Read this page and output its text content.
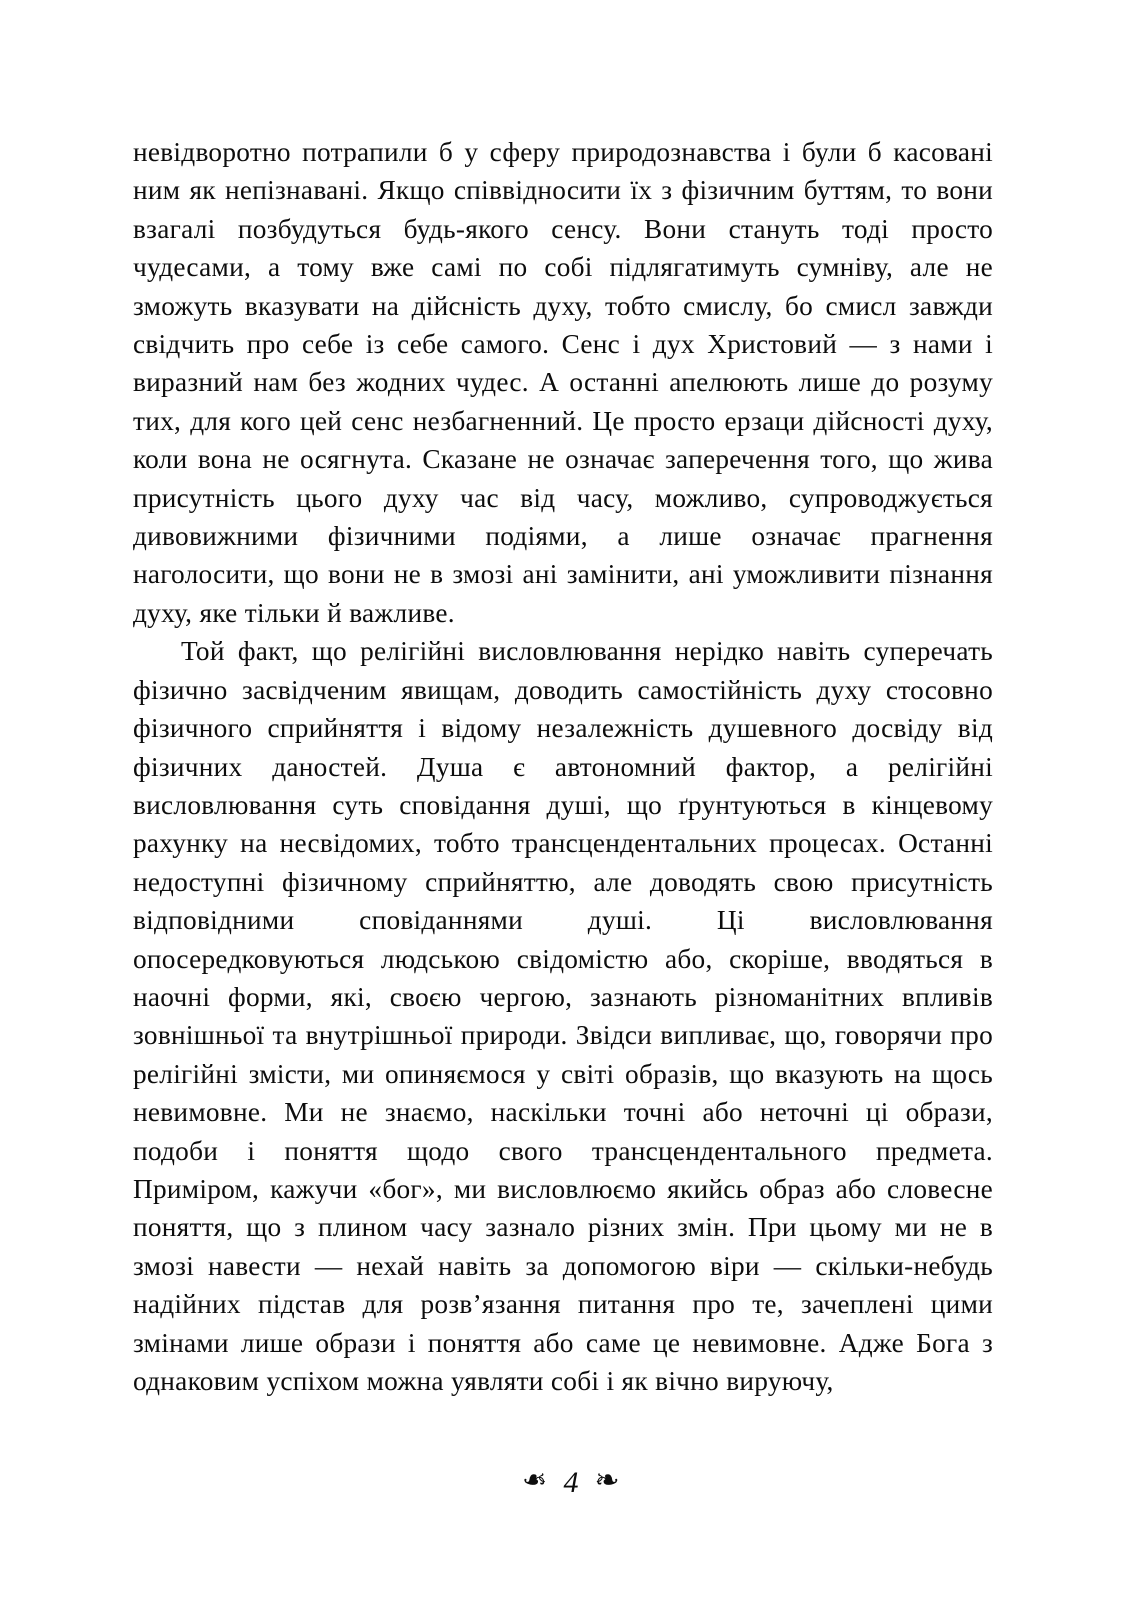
невідворотно потрапили б у сферу природознавства і були б касовані ним як непізнавані. Якщо співвідносити їх з фізичним буттям, то вони взагалі позбудуться будь-якого сенсу. Вони стануть тоді просто чудесами, а тому вже самі по собі підлягатимуть сумніву, але не зможуть вказувати на дійсність духу, тобто смислу, бо смисл завжди свідчить про себе із себе самого. Сенс і дух Христовий — з нами і виразний нам без жодних чудес. А останні апелюють лише до розуму тих, для кого цей сенс незбагненний. Це просто ерзаци дійсності духу, коли вона не осягнута. Сказане не означає заперечення того, що жива присутність цього духу час від часу, можливо, супроводжується дивовижними фізичними подіями, а лише означає прагнення наголосити, що вони не в змозі ані замінити, ані уможливити пізнання духу, яке тільки й важливе.

Той факт, що релігійні висловлювання нерідко навіть суперечать фізично засвідченим явищам, доводить самостійність духу стосовно фізичного сприйняття і відому незалежність душевного досвіду від фізичних даностей. Душа є автономний фактор, а релігійні висловлювання суть сповідання душі, що ґрунтуються в кінцевому рахунку на несвідомих, тобто трансцендентальних процесах. Останні недоступні фізичному сприйняттю, але доводять свою присутність відповідними сповіданнями душі. Ці висловлювання опосередковуються людською свідомістю або, скоріше, вводяться в наочні форми, які, своєю чергою, зазнають різноманітних впливів зовнішньої та внутрішньої природи. Звідси випливає, що, говорячи про релігійні змісти, ми опиняємося у світі образів, що вказують на щось невимовне. Ми не знаємо, наскільки точні або неточні ці образи, подоби і поняття щодо свого трансцендентального предмета. Приміром, кажучи «бог», ми висловлюємо якийсь образ або словесне поняття, що з плином часу зазнало різних змін. При цьому ми не в змозі навести — нехай навіть за допомогою віри — скільки-небудь надійних підстав для розв’язання питання про те, зачеплені цими змінами лише образи і поняття або саме це невимовне. Адже Бога з однаковим успіхом можна уявляти собі і як вічно вируючу,

❧ 4 ❧
